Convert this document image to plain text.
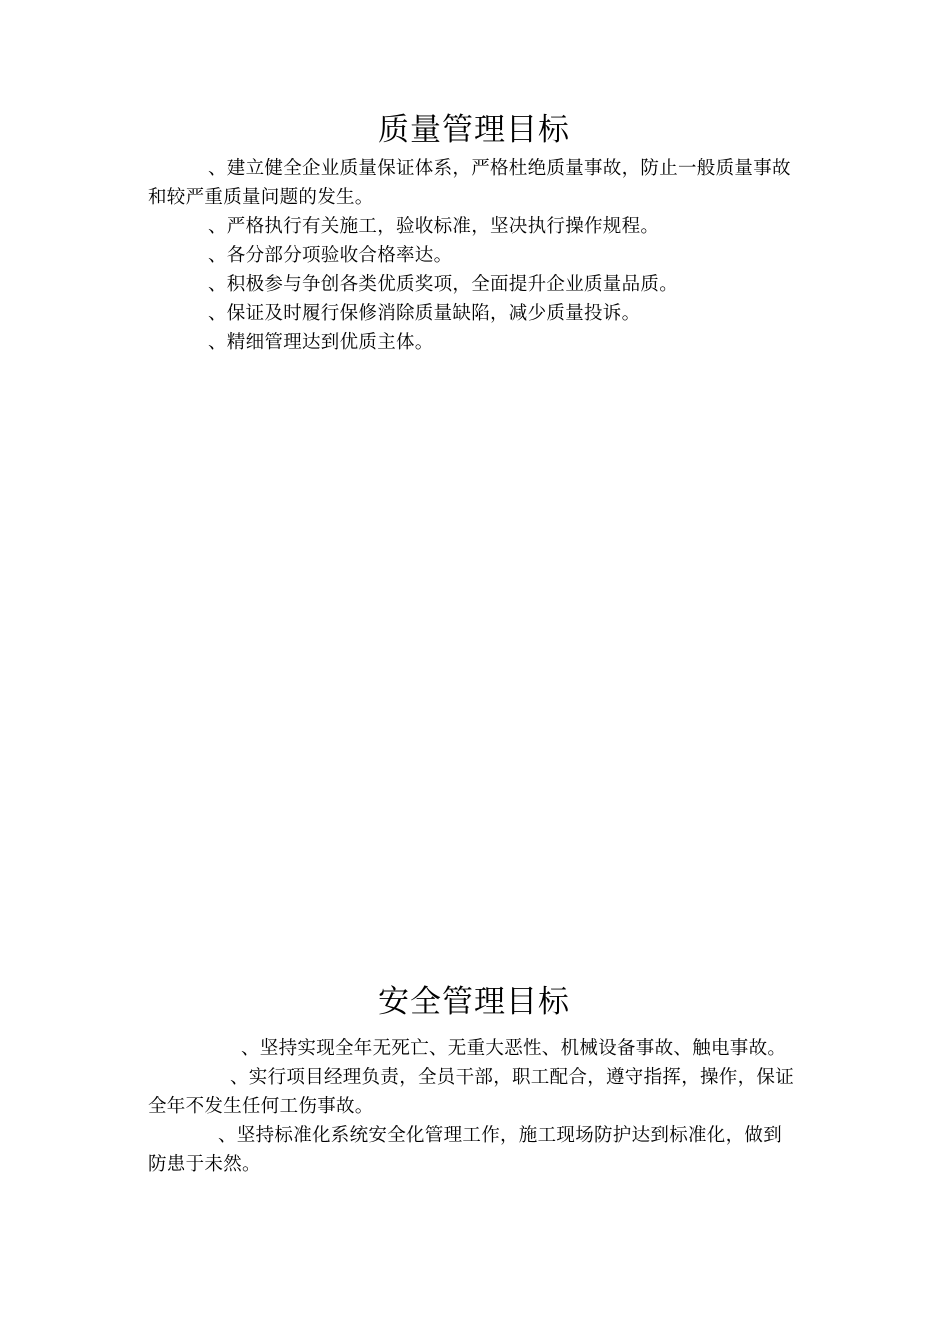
质量管理目标

、建立健全企业质量保证体系，严格杜绝质量事故，防止一般质量事故和较严重质量问题的发生。

、严格执行有关施工，验收标准，坚决执行操作规程。

、各分部分项验收合格率达。

、积极参与争创各类优质奖项，全面提升企业质量品质。

、保证及时履行保修消除质量缺陷，减少质量投诉。

、精细管理达到优质主体。

安全管理目标

、坚持实现全年无死亡、无重大恶性、机械设备事故、触电事故。

、实行项目经理负责，全员干部，职工配合，遵守指挥，操作，保证全年不发生任何工伤事故。

、坚持标准化系统安全化管理工作，施工现场防护达到标准化，做到防患于未然。
